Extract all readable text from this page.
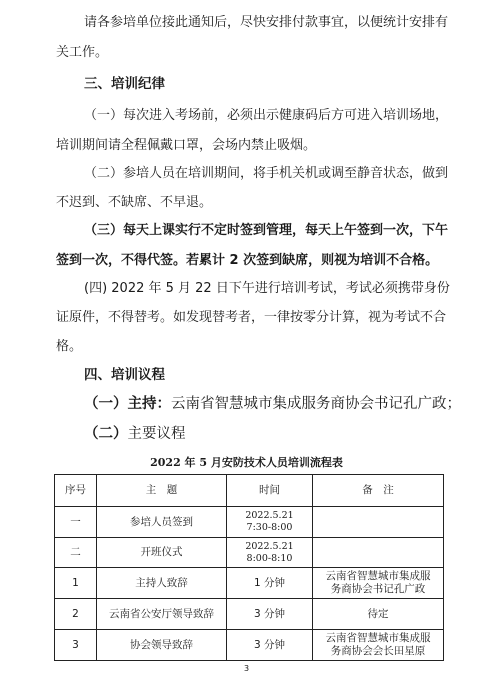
请各参培单位接此通知后，尽快安排付款事宜，以便统计安排有
关工作。
三、培训纪律
（一）每次进入考场前，必须出示健康码后方可进入培训场地，
培训期间请全程佩戴口罩，会场内禁止吸烟。
（二）参培人员在培训期间，将手机关机或调至静音状态，做到
不迟到、不缺席、不早退。
（三）每天上课实行不定时签到管理，每天上午签到一次，下午
签到一次，不得代签。若累计 2 次签到缺席，则视为培训不合格。
(四) 2022 年 5 月 22 日下午进行培训考试，考试必须携带身份
证原件，不得替考。如发现替考者，一律按零分计算，视为考试不合
格。
四、培训议程
（一）主持：云南省智慧城市集成服务商协会书记孔广政；
（二）主要议程
2022 年 5 月安防技术人员培训流程表
序号	主　题	时间	备　注
一	参培人员签到	2022.5.21
7:30-8:00	

二	开班仪式	2022.5.21
8:00-8:10	

1	主持人致辞	1 分钟	云南省智慧城市集成服
务商协会书记孔广政

2	云南省公安厅领导致辞	3 分钟	待定
3	协会领导致辞	3 分钟	云南省智慧城市集成服
务商协会会长田星原
3
